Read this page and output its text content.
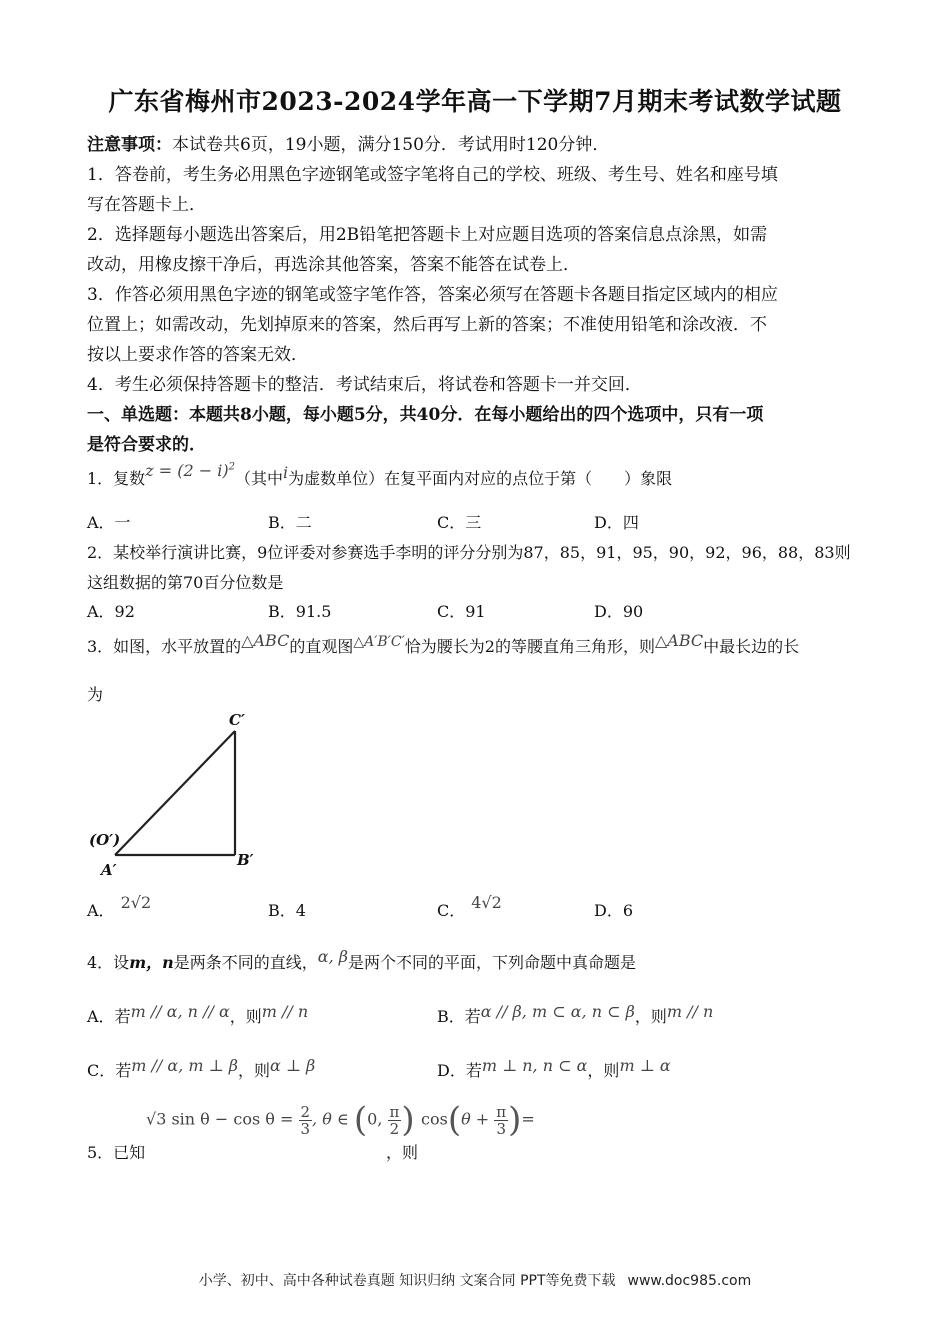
广东省梅州市2023-2024学年高一下学期7月期末考试数学试题
注意事项：本试卷共6页，19小题，满分150分．考试用时120分钟．
1．答卷前，考生务必用黑色字迹钢笔或签字笔将自己的学校、班级、考生号、姓名和座号填
写在答题卡上．
2．选择题每小题选出答案后，用2B铅笔把答题卡上对应题目选项的答案信息点涂黑，如需
改动，用橡皮擦干净后，再选涂其他答案，答案不能答在试卷上．
3．作答必须用黑色字迹的钢笔或签字笔作答，答案必须写在答题卡各题目指定区域内的相应
位置上；如需改动，先划掉原来的答案，然后再写上新的答案；不准使用铅笔和涂改液．不
按以上要求作答的答案无效．
4．考生必须保持答题卡的整洁．考试结束后，将试卷和答题卡一并交回．
一、单选题：本题共8小题，每小题5分，共40分．在每小题给出的四个选项中，只有一项
是符合要求的．
1．复数$z = (2 - i)^2$（其中i为虚数单位）在复平面内对应的点位于第（　　）象限
A．一	B．二	C．三	D．四
2．某校举行演讲比赛，9位评委对参赛选手李明的评分分别为87，85，91，95，90，92，96，88，83则
这组数据的第70百分位数是
A．92	B．91.5	C．91	D．90
3．如图，水平放置的△ABC的直观图△A′B′C′恰为腰长为2的等腰直角三角形，则△ABC中最长边的长
为
C′
(O′)
A′
B′
A． 2√2	B．4	C． 4√2	D．6
4．设m，n是两条不同的直线，α, β是两个不同的平面，下列命题中真命题是
A．若m // α, n // α，则m // n	B．若α // β, m ⊂ α, n ⊂ β，则m // n
C．若m // α, m ⊥ β，则α ⊥ β	D．若m ⊥ n, n ⊂ α，则m ⊥ α
5．已知
√3 $\sin \theta - \cos \theta = \frac{2}{3}$ , θ ∈ (0, $\frac{\pi}{2}$ )
，则
$\cos(\theta + \frac{\pi}{3}$ )=
小学、初中、高中各种试卷真题 知识归纳 文案合同 PPT等免费下载 www.doc985.com
